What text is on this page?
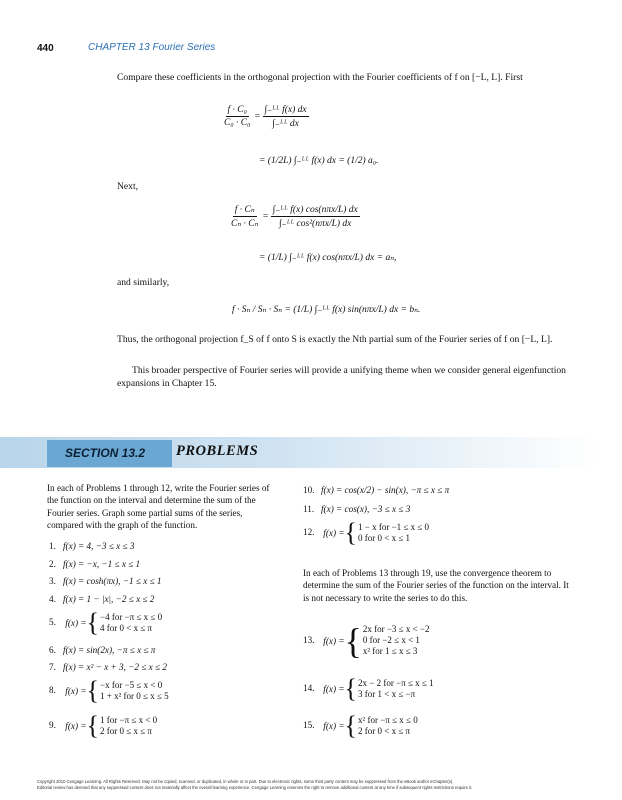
440	CHAPTER 13 Fourier Series
Compare these coefficients in the orthogonal projection with the Fourier coefficients of f on [−L, L]. First
$\frac{\text{f · C₀}}{\text{C₀ · C₀}} = \frac{\text{∫₋ᴸᴸ f(x) dx}}{\text{∫₋ᴸᴸ dx}}$
= (1/2L) ∫₋ᴸᴸ f(x) dx = (1/2) a₀.
Next,
$\frac{\text{f · Cₙ}}{\text{Cₙ · Cₙ}} = \frac{\text{∫₋ᴸᴸ f(x) cos(nπx/L) dx}}{\text{∫₋ᴸᴸ cos²(nπx/L) dx}}$
= (1/L) ∫₋ᴸᴸ f(x) cos(nπx/L) dx = aₙ,
and similarly,
f · Sₙ / Sₙ · Sₙ = (1/L) ∫₋ᴸᴸ f(x) sin(nπx/L) dx = bₙ.
Thus, the orthogonal projection f_S of f onto S is exactly the Nth partial sum of the Fourier series of f on [−L, L].
This broader perspective of Fourier series will provide a unifying theme when we consider general eigenfunction expansions in Chapter 15.
SECTION 13.2 PROBLEMS
In each of Problems 1 through 12, write the Fourier series of the function on the interval and determine the sum of the Fourier series. Graph some partial sums of the series, compared with the graph of the function.
1. f(x) = 4, −3 ≤ x ≤ 3
2. f(x) = −x, −1 ≤ x ≤ 1
3. f(x) = cosh(πx), −1 ≤ x ≤ 1
4. f(x) = 1 − |x|, −2 ≤ x ≤ 2
5. f(x) = { −4 for −π ≤ x ≤ 0
4 for 0 < x ≤ π
6. f(x) = sin(2x), −π ≤ x ≤ π
7. f(x) = x² − x + 3, −2 ≤ x ≤ 2
8. f(x) = { −x for −5 ≤ x < 0
1 + x² for 0 ≤ x ≤ 5
9. f(x) = { 1 for −π ≤ x < 0
2 for 0 ≤ x ≤ π
10. f(x) = cos(x/2) − sin(x), −π ≤ x ≤ π
11. f(x) = cos(x), −3 ≤ x ≤ 3
12. f(x) = { 1 − x for −1 ≤ x ≤ 0
0 for 0 < x ≤ 1
In each of Problems 13 through 19, use the convergence theorem to determine the sum of the Fourier series of the function on the interval. It is not necessary to write the series to do this.
13. f(x) = { 2x for −3 ≤ x < −2
0 for −2 ≤ x < 1
x² for 1 ≤ x ≤ 3
14. f(x) = { 2x − 2 for −π ≤ x ≤ 1
3 for 1 < x ≤ −π
15. f(x) = { x² for −π ≤ x ≤ 0
2 for 0 < x ≤ π
Copyright 2010 Cengage Learning. All Rights Reserved. May not be copied, scanned, or duplicated, in whole or in part. Due to electronic rights, some third party content may be suppressed from the eBook and/or eChapter(s).
Editorial review has deemed that any suppressed content does not materially affect the overall learning experience. Cengage Learning reserves the right to remove additional content at any time if subsequent rights restrictions require it.
